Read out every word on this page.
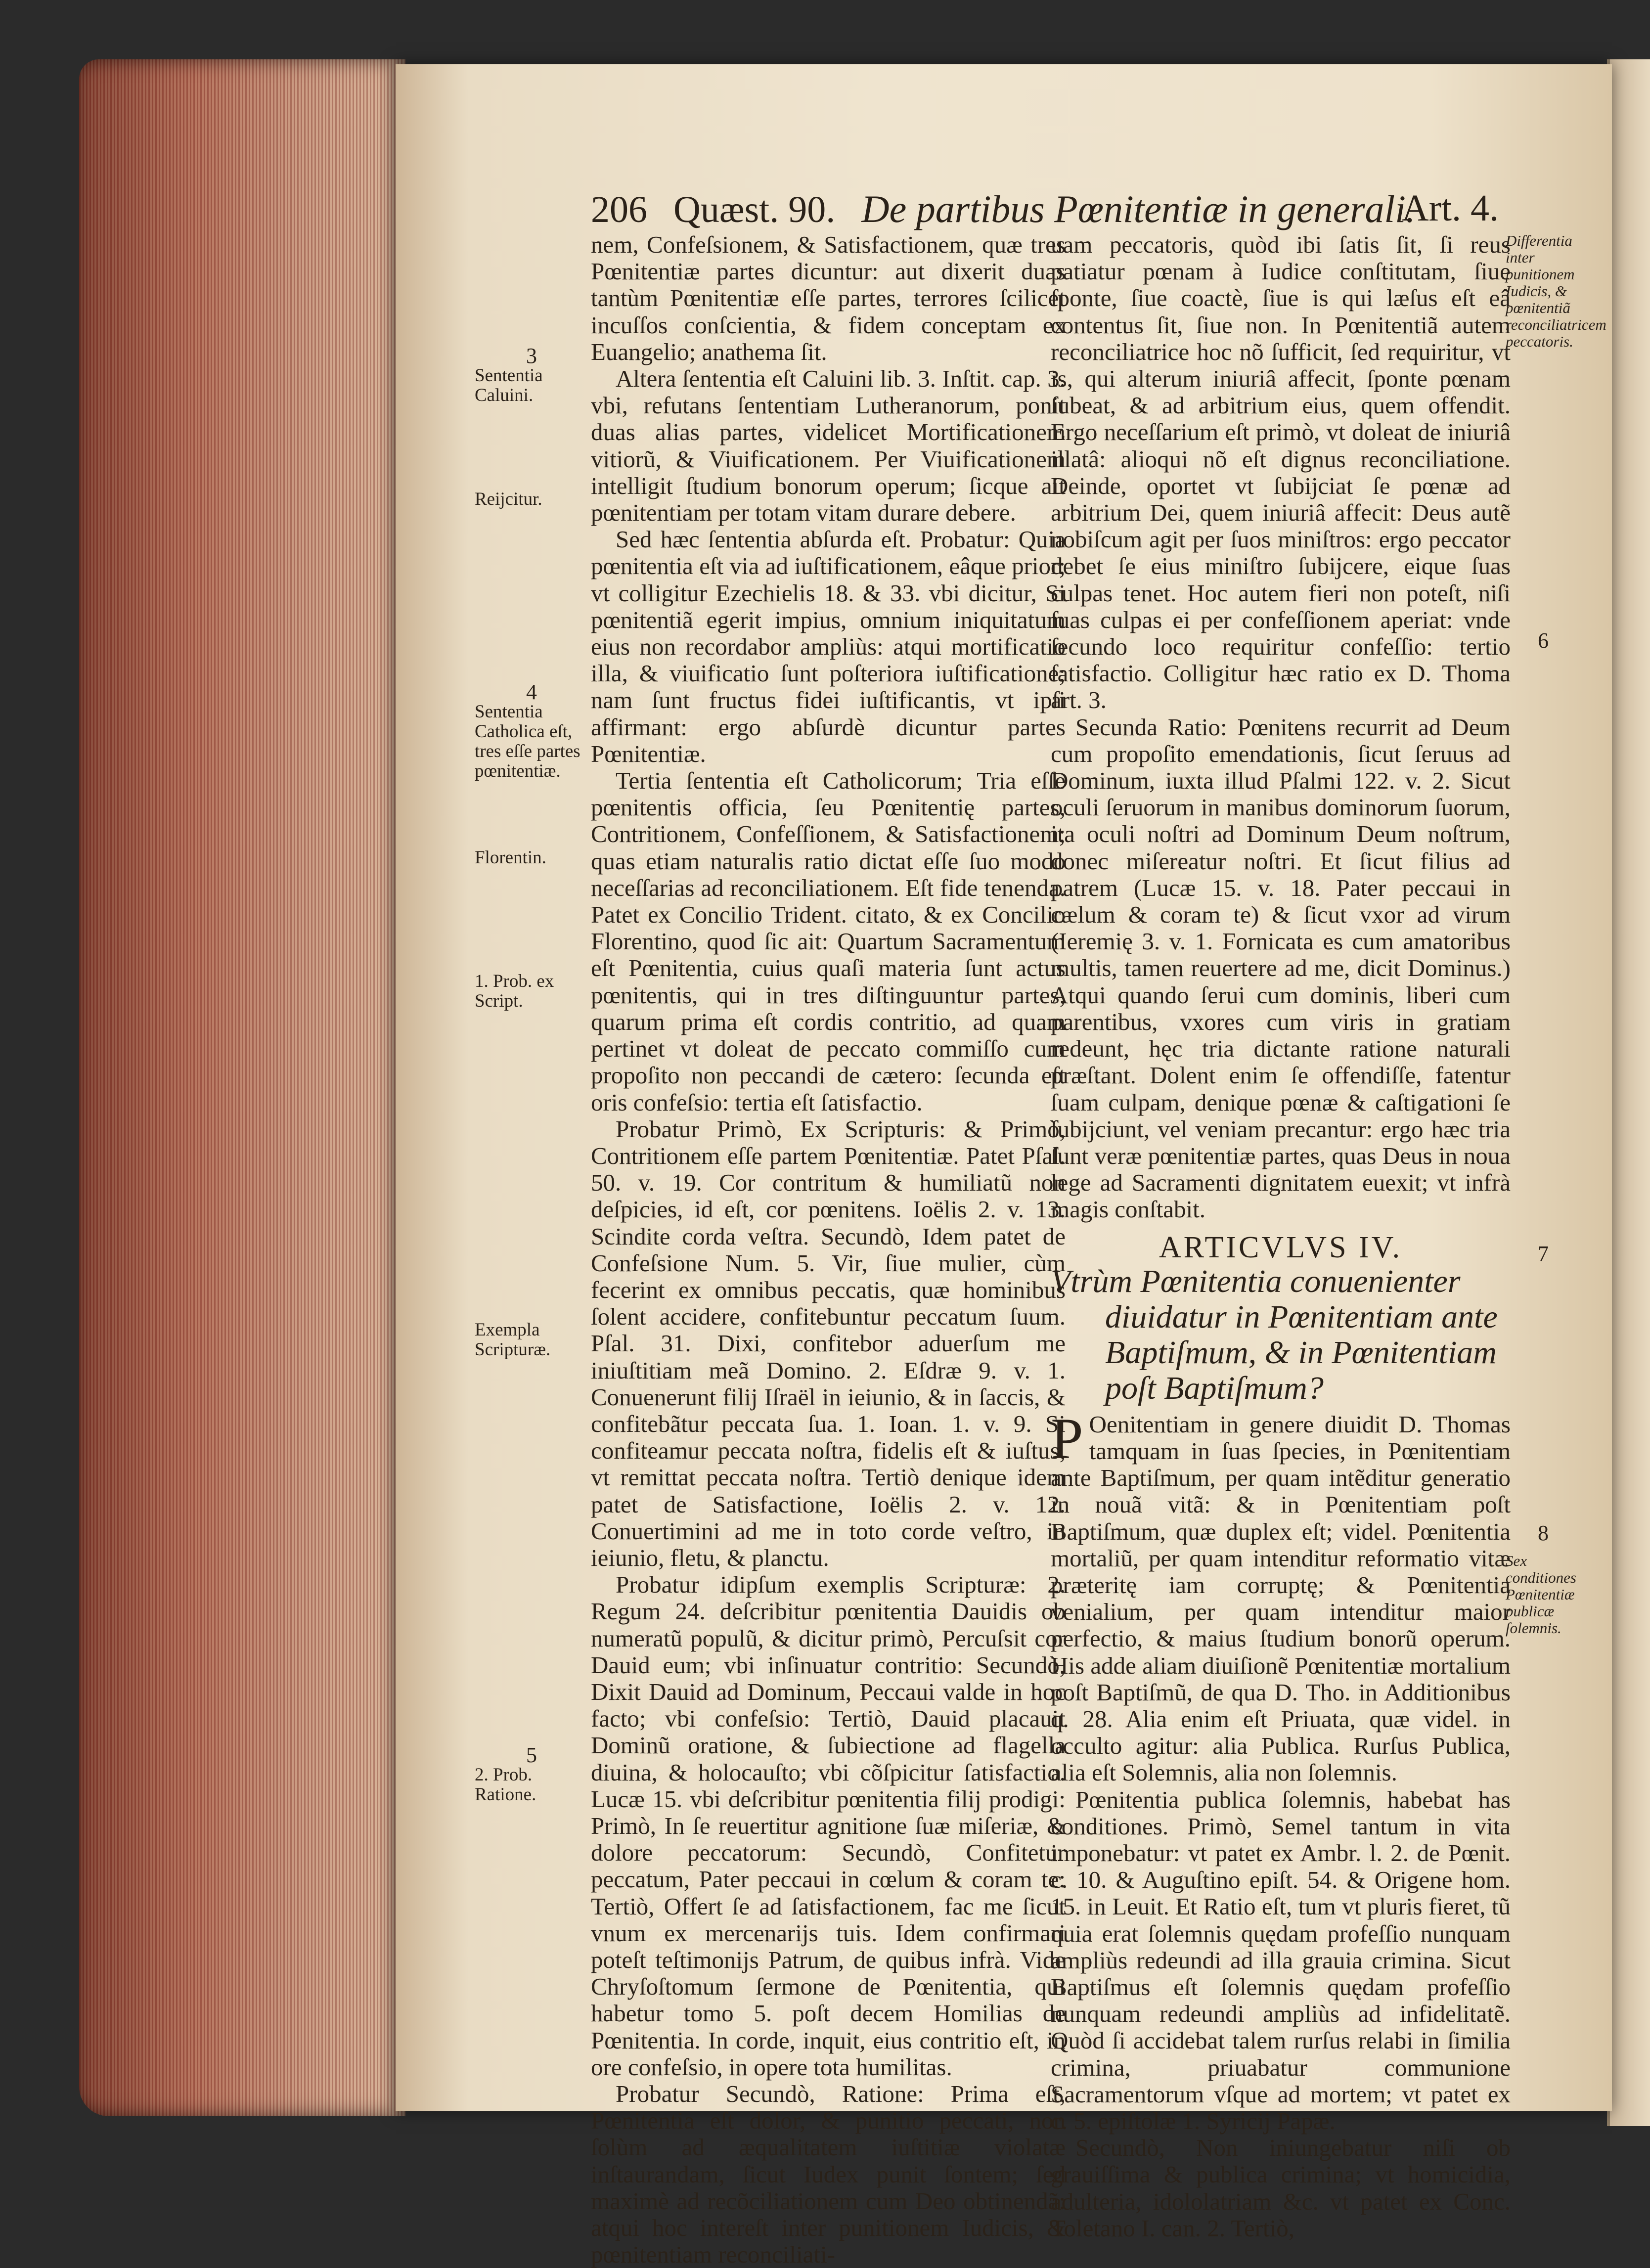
206 Quæst. 90. De partibus Pœnitentiæ in generali.
Art. 4.
3
Sententia Caluini.
Reijcitur.
4
Sententia Catholica eſt, tres eſſe partes pœnitentiæ.
Florentin.
1. Prob. ex Script.
Exempla Scripturæ.
5
2. Prob. Ratione.
Differentia inter punitionem Iudicis, & pœnitentiã reconciliatricem peccatoris.
Sex conditiones Pœnitentiæ publicæ ſolemnis.
6
7
8

nem, Confeſsionem, & Satisfactionem, quæ tres Pœnitentiæ partes dicuntur: aut dixerit duas tantùm Pœnitentiæ eſſe partes, terrores ſcilicet incuſſos conſcientia, & fidem conceptam ex Euangelio; anathema ſit.

Altera ſententia eſt Caluini lib. 3. Inſtit. cap. 3. vbi, refutans ſententiam Lutheranorum, ponit duas alias partes, videlicet Mortificationem vitiorũ, & Viuificationem. Per Viuificationem intelligit ſtudium bonorum operum; ſicque ait pœnitentiam per totam vitam durare debere.

Sed hæc ſententia abſurda eſt. Probatur: Quia pœnitentia eſt via ad iuſtificationem, eâque prior; vt colligitur Ezechielis 18. & 33. vbi dicitur, Si pœnitentiã egerit impius, omnium iniquitatum eius non recordabor ampliùs: atqui mortificatio illa, & viuificatio ſunt poſteriora iuſtificatione; nam ſunt fructus fidei iuſtificantis, vt ipſi affirmant: ergo abſurdè dicuntur partes Pœnitentiæ.

Tertia ſententia eſt Catholicorum; Tria eſſe pœnitentis officia, ſeu Pœnitentię partes, Contritionem, Confeſſionem, & Satisfactionem; quas etiam naturalis ratio dictat eſſe ſuo modo neceſſarias ad reconciliationem. Eſt fide tenenda. Patet ex Concilio Trident. citato, & ex Concilio Florentino, quod ſic ait: Quartum Sacramentum eſt Pœnitentia, cuius quaſi materia ſunt actus pœnitentis, qui in tres diſtinguuntur partes, quarum prima eſt cordis contritio, ad quam pertinet vt doleat de peccato commiſſo cum propoſito non peccandi de cætero: ſecunda eſt oris confeſsio: tertia eſt ſatisfactio.

Probatur Primò, Ex Scripturis: & Primò, Contritionem eſſe partem Pœnitentiæ. Patet Pſal. 50. v. 19. Cor contritum & humiliatũ non deſpicies, id eſt, cor pœnitens. Ioëlis 2. v. 13. Scindite corda veſtra. Secundò, Idem patet de Confeſsione Num. 5. Vir, ſiue mulier, cùm fecerint ex omnibus peccatis, quæ hominibus ſolent accidere, confitebuntur peccatum ſuum. Pſal. 31. Dixi, confitebor aduerſum me iniuſtitiam meã Domino. 2. Eſdræ 9. v. 1. Conuenerunt filij Iſraël in ieiunio, & in ſaccis, & confitebãtur peccata ſua. 1. Ioan. 1. v. 9. Si confiteamur peccata noſtra, fidelis eſt & iuſtus, vt remittat peccata noſtra. Tertiò denique idem patet de Satisfactione, Ioëlis 2. v. 12. Conuertimini ad me in toto corde veſtro, in ieiunio, fletu, & planctu.

Probatur idipſum exemplis Scripturæ: 2. Regum 24. deſcribitur pœnitentia Dauidis ob numeratũ populũ, & dicitur primò, Percuſsit cor Dauid eum; vbi inſinuatur contritio: Secundò, Dixit Dauid ad Dominum, Peccaui valde in hoc facto; vbi confeſsio: Tertiò, Dauid placauit Dominũ oratione, & ſubiectione ad flagella diuina, & holocauſto; vbi cõſpicitur ſatisfactio. Lucæ 15. vbi deſcribitur pœnitentia filij prodigi: Primò, In ſe reuertitur agnitione ſuæ miſeriæ, & dolore peccatorum: Secundò, Confitetur peccatum, Pater peccaui in cœlum & coram te: Tertiò, Offert ſe ad ſatisfactionem, fac me ſicut vnum ex mercenarijs tuis. Idem confirmari poteſt teſtimonijs Patrum, de quibus infrà. Vide Chryſoſtomum ſermone de Pœnitentia, qui habetur tomo 5. poſt decem Homilias de Pœnitentia. In corde, inquit, eius contritio eſt, in ore confeſsio, in opere tota humilitas.

Probatur Secundò, Ratione: Prima eſt, Pœnitentia eſt dolor, & punitio peccati, non ſolùm ad æqualitatem iuſtitiæ violatæ inſtaurandam, ſicut Iudex punit ſontem; ſed maximè ad recõciliationem cum Deo obtinendã: atqui hoc intereſt inter punitionem Iudicis, & pœnitentiam reconciliati-

uam peccatoris, quòd ibi ſatis ſit, ſi reus patiatur pœnam à Iudice conſtitutam, ſiue ſponte, ſiue coactè, ſiue is qui læſus eſt eâ contentus ſit, ſiue non. In Pœnitentiã autem reconciliatrice hoc nõ ſufficit, ſed requiritur, vt is, qui alterum iniuriâ affecit, ſponte pœnam ſubeat, & ad arbitrium eius, quem offendit. Ergo neceſſarium eſt primò, vt doleat de iniuriâ illatâ: alioqui nõ eſt dignus reconciliatione. Deinde, oportet vt ſubijciat ſe pœnæ ad arbitrium Dei, quem iniuriâ affecit: Deus autẽ nobiſcum agit per ſuos miniſtros: ergo peccator debet ſe eius miniſtro ſubijcere, eique ſuas culpas tenet. Hoc autem fieri non poteſt, niſi ſuas culpas ei per confeſſionem aperiat: vnde ſecundo loco requiritur confeſſio: tertio ſatisfactio. Colligitur hæc ratio ex D. Thoma art. 3.

Secunda Ratio: Pœnitens recurrit ad Deum cum propoſito emendationis, ſicut ſeruus ad Dominum, iuxta illud Pſalmi 122. v. 2. Sicut oculi ſeruorum in manibus dominorum ſuorum, ita oculi noſtri ad Dominum Deum noſtrum, donec miſereatur noſtri. Et ſicut filius ad patrem (Lucæ 15. v. 18. Pater peccaui in cælum & coram te) & ſicut vxor ad virum (Ieremię 3. v. 1. Fornicata es cum amatoribus multis, tamen reuertere ad me, dicit Dominus.) Atqui quando ſerui cum dominis, liberi cum parentibus, vxores cum viris in gratiam redeunt, hęc tria dictante ratione naturali præſtant. Dolent enim ſe offendiſſe, fatentur ſuam culpam, denique pœnæ & caſtigationi ſe ſubijciunt, vel veniam precantur: ergo hæc tria ſunt veræ pœnitentiæ partes, quas Deus in noua lege ad Sacramenti dignitatem euexit; vt infrà magis conſtabit.

ARTICVLVS IV.
Vtrùm Pœnitentia conuenienter diuidatur in Pœnitentiam ante Baptiſmum, & in Pœnitentiam poſt Baptiſmum?

P Oenitentiam in genere diuidit D. Thomas tamquam in ſuas ſpecies, in Pœnitentiam ante Baptiſmum, per quam intẽditur generatio in nouã vitã: & in Pœnitentiam poſt Baptiſmum, quæ duplex eſt; videl. Pœnitentia mortaliũ, per quam intenditur reformatio vitæ præteritę iam corruptę; & Pœnitentia venialium, per quam intenditur maior perfectio, & maius ſtudium bonorũ operum. His adde aliam diuiſionẽ Pœnitentiæ mortalium poſt Baptiſmũ, de qua D. Tho. in Additionibus q. 28. Alia enim eſt Priuata, quæ videl. in occulto agitur: alia Publica. Rurſus Publica, alia eſt Solemnis, alia non ſolemnis.

Pœnitentia publica ſolemnis, habebat has conditiones. Primò, Semel tantum in vita imponebatur: vt patet ex Ambr. l. 2. de Pœnit. c. 10. & Auguſtino epiſt. 54. & Origene hom. 15. in Leuit. Et Ratio eſt, tum vt pluris fieret, tũ quia erat ſolemnis quędam profeſſio nunquam ampliùs redeundi ad illa grauia crimina. Sicut Baptiſmus eſt ſolemnis quędam profeſſio nunquam redeundi ampliùs ad infidelitatẽ. Quòd ſi accidebat talem rurſus relabi in ſimilia crimina, priuabatur communione Sacramentorum vſque ad mortem; vt patet ex c. 5. epiſtolæ 1. Syricij Papæ.

Secundò, Non iniungebatur niſi ob grauiſſima & publica crimina; vt homicidia, adulteria, idololatriam &c. vt patet ex Conc. Toletano I. can. 2. Tertiò,
